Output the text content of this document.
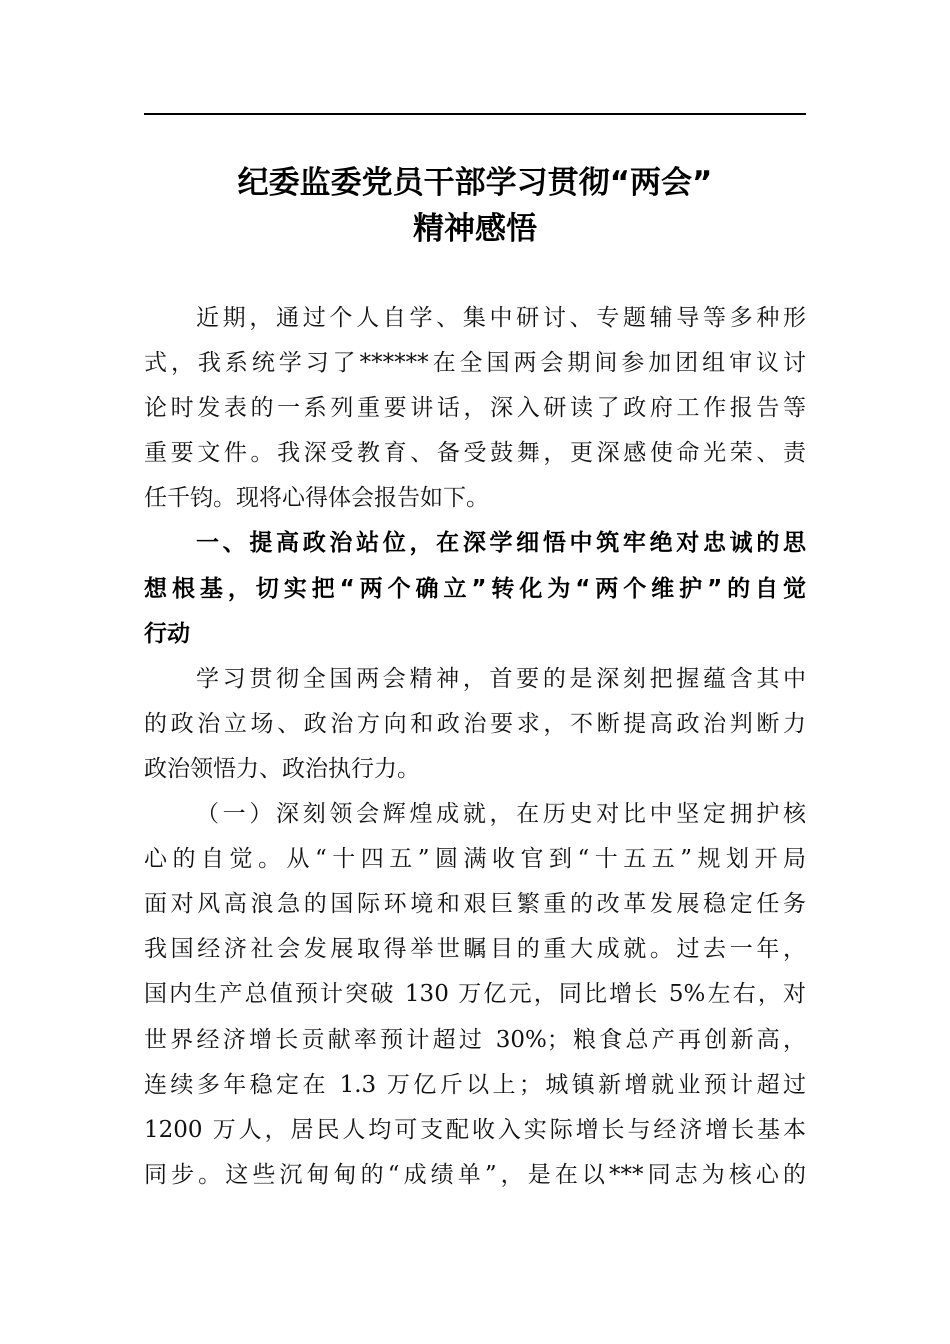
纪委监委党员干部学习贯彻“两会”
精神感悟
近期，通过个人自学、集中研讨、专题辅导等多种形
式，我系统学习了******在全国两会期间参加团组审议讨
论时发表的一系列重要讲话，深入研读了政府工作报告等
重要文件。我深受教育、备受鼓舞，更深感使命光荣、责
任千钧。现将心得体会报告如下。
一、提高政治站位，在深学细悟中筑牢绝对忠诚的思
想根基，切实把“两个确立”转化为“两个维护”的自觉
行动
学习贯彻全国两会精神，首要的是深刻把握蕴含其中
的政治立场、政治方向和政治要求，不断提高政治判断力
政治领悟力、政治执行力。
（一）深刻领会辉煌成就，在历史对比中坚定拥护核
心的自觉。从“十四五”圆满收官到“十五五”规划开局
面对风高浪急的国际环境和艰巨繁重的改革发展稳定任务
我国经济社会发展取得举世瞩目的重大成就。过去一年，
国内生产总值预计突破 130 万亿元，同比增长 5%左右，对
世界经济增长贡献率预计超过 30%；粮食总产再创新高，
连续多年稳定在 1.3 万亿斤以上；城镇新增就业预计超过
1200 万人，居民人均可支配收入实际增长与经济增长基本
同步。这些沉甸甸的“成绩单”，是在以***同志为核心的
